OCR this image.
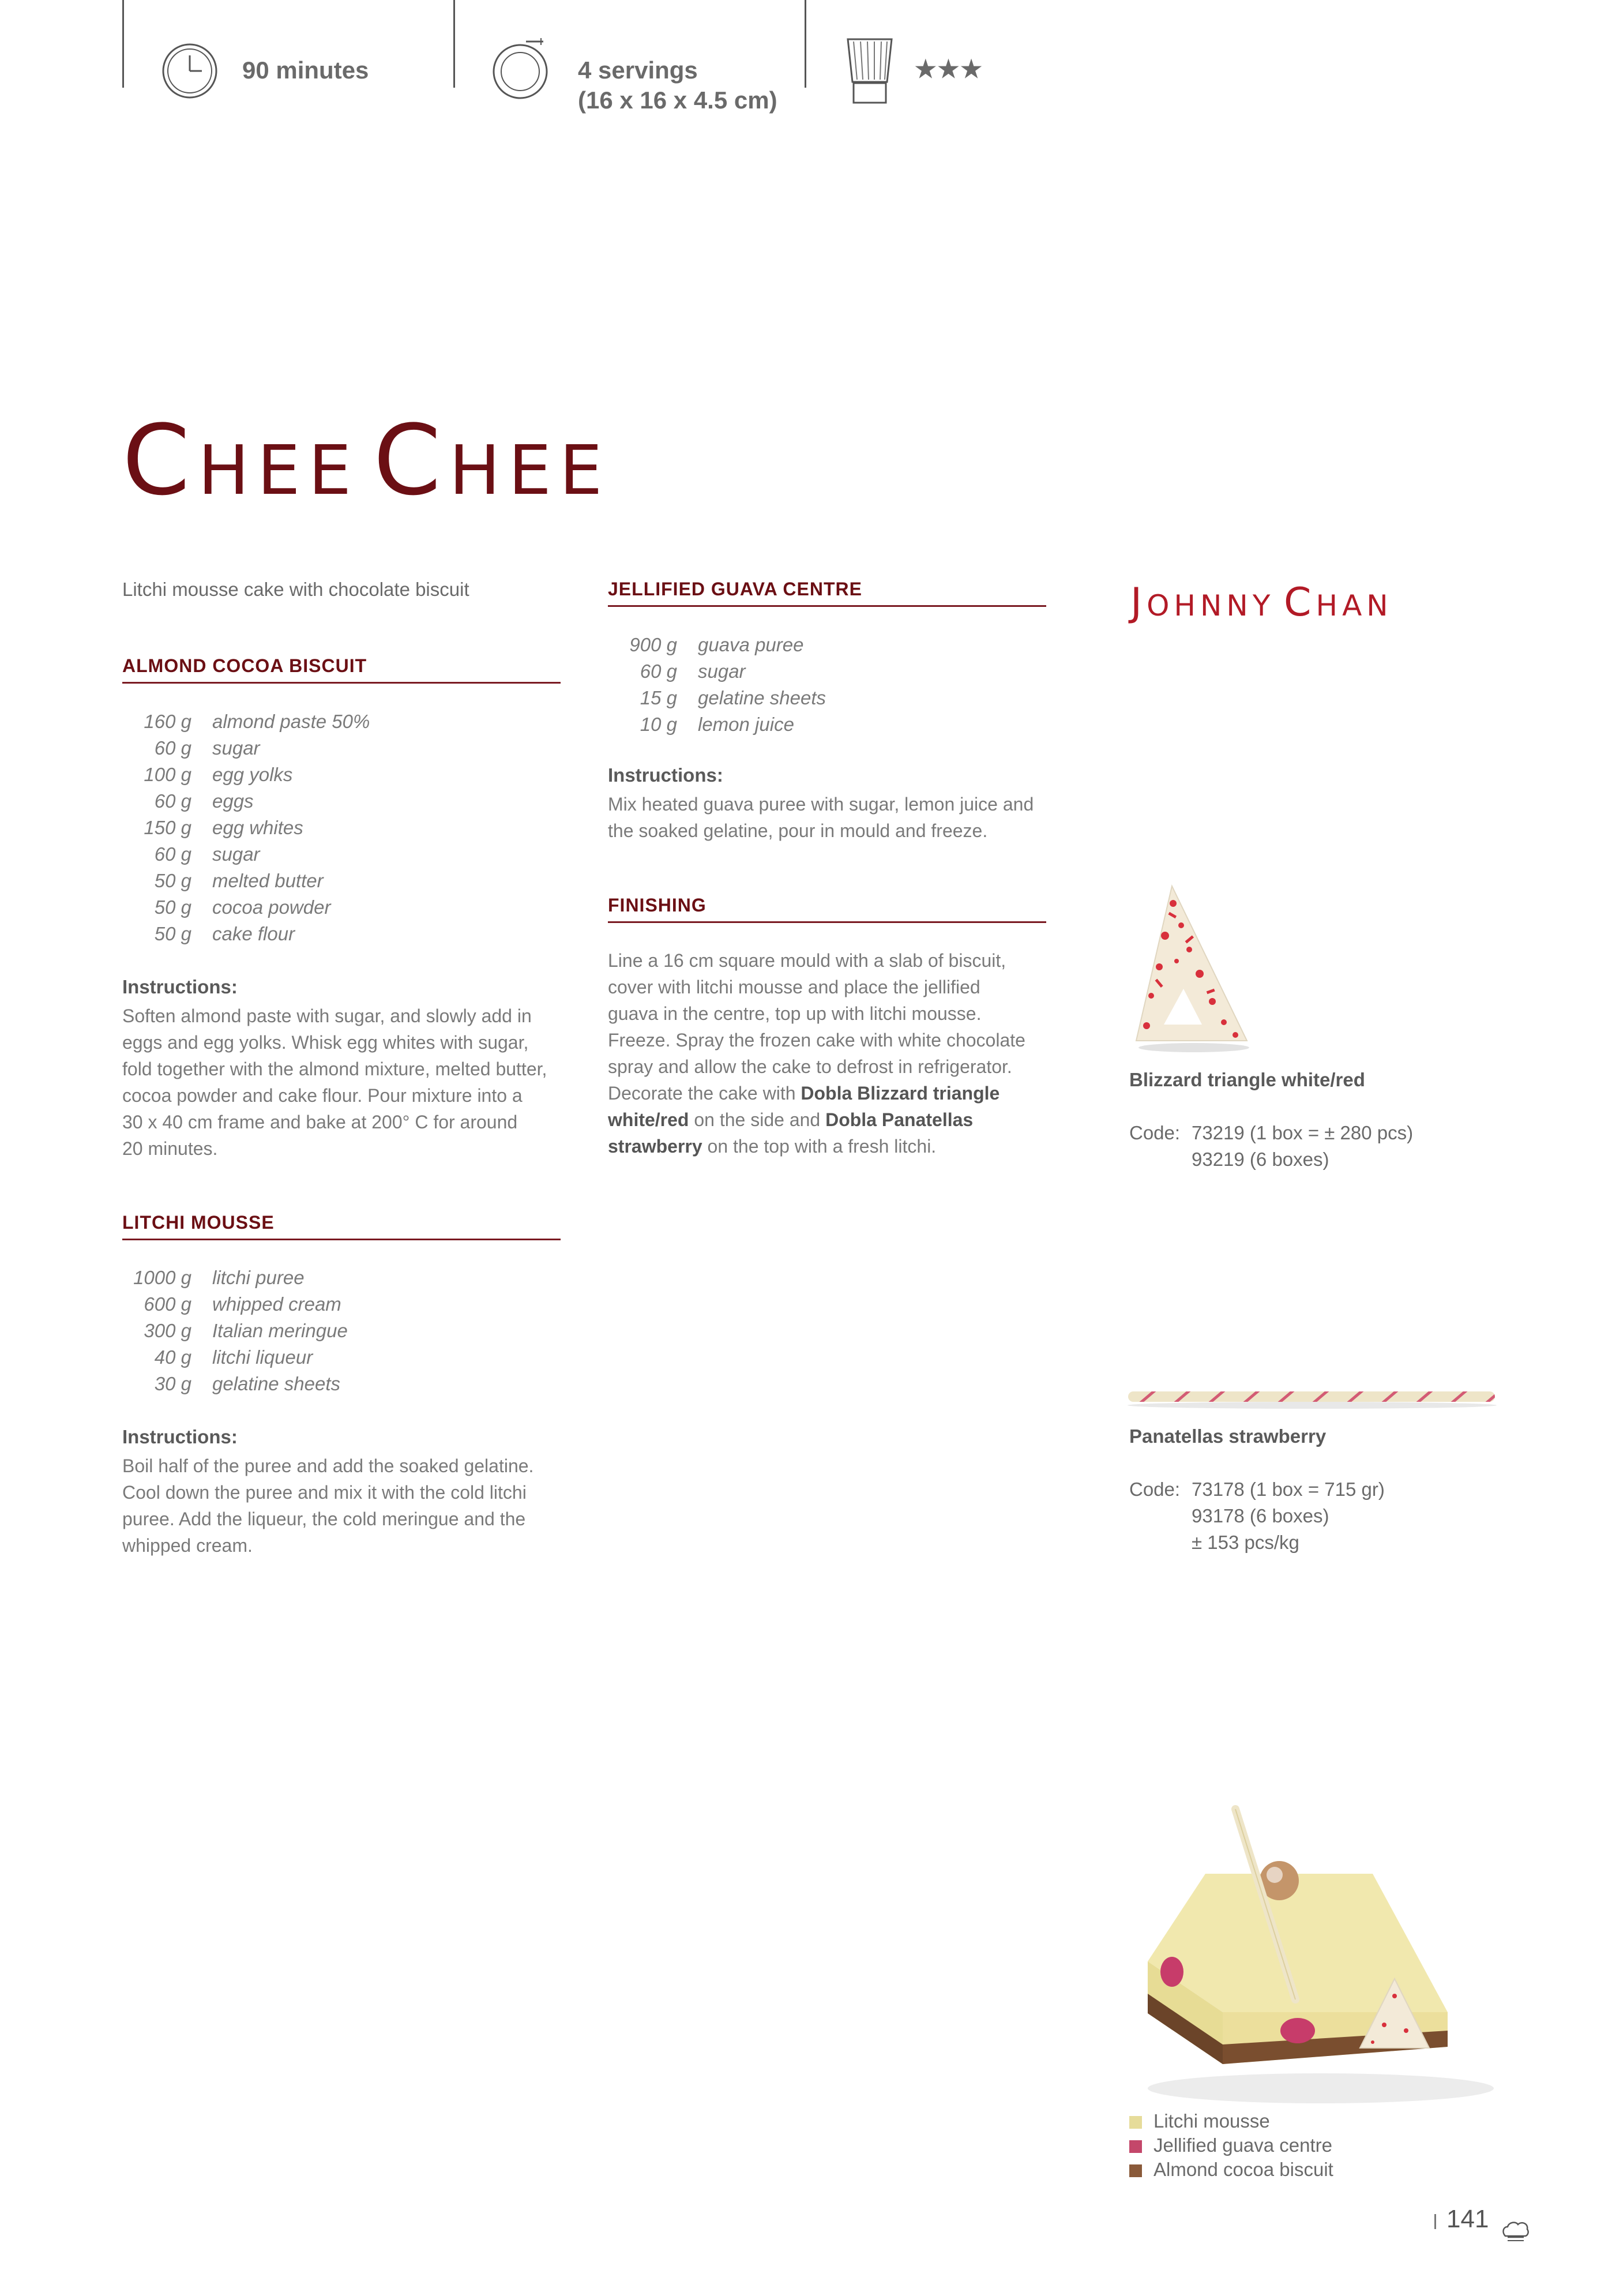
90 minutes	4 servings
(16 x 16 x 4.5 cm)
★★★
CHEE CHEE
Litchi mousse cake with chocolate biscuit	JOHNNY CHAN
ALMOND COCOA BISCUIT
160 g almond paste 50%
60 g sugar
100 g egg yolks
60 g eggs
150 g egg whites
60 g sugar
50 g melted butter
50 g cocoa powder
50 g cake flour
Instructions:
Soften almond paste with sugar, and slowly add in
eggs and egg yolks. Whisk egg whites with sugar,
fold together with the almond mixture, melted butter,
cocoa powder and cake flour. Pour mixture into a
30 x 40 cm frame and bake at 200° C for around
20 minutes.
LITCHI MOUSSE
1000 g litchi puree
600 g whipped cream
300 g Italian meringue
40 g litchi liqueur
30 g gelatine sheets
Instructions:
Boil half of the puree and add the soaked gelatine.
Cool down the puree and mix it with the cold litchi
puree. Add the liqueur, the cold meringue and the
whipped cream.
JELLIFIED GUAVA CENTRE
900 g guava puree
60 g sugar
15 g gelatine sheets
10 g lemon juice
Instructions:
Mix heated guava puree with sugar, lemon juice and
the soaked gelatine, pour in mould and freeze.
FINISHING
Line a 16 cm square mould with a slab of biscuit,
cover with litchi mousse and place the jellified
guava in the centre, top up with litchi mousse.
Freeze. Spray the frozen cake with white chocolate
spray and allow the cake to defrost in refrigerator.
Decorate the cake with Dobla Blizzard triangle
white/red on the side and Dobla Panatellas
strawberry on the top with a fresh litchi.
Blizzard triangle white/red
Code: 73219 (1 box = ± 280 pcs)
93219 (6 boxes)
Panatellas strawberry
Code: 73178 (1 box = 715 gr)
93178 (6 boxes)
± 153 pcs/kg
Litchi mousse
Jellified guava centre
Almond cocoa biscuit
141
